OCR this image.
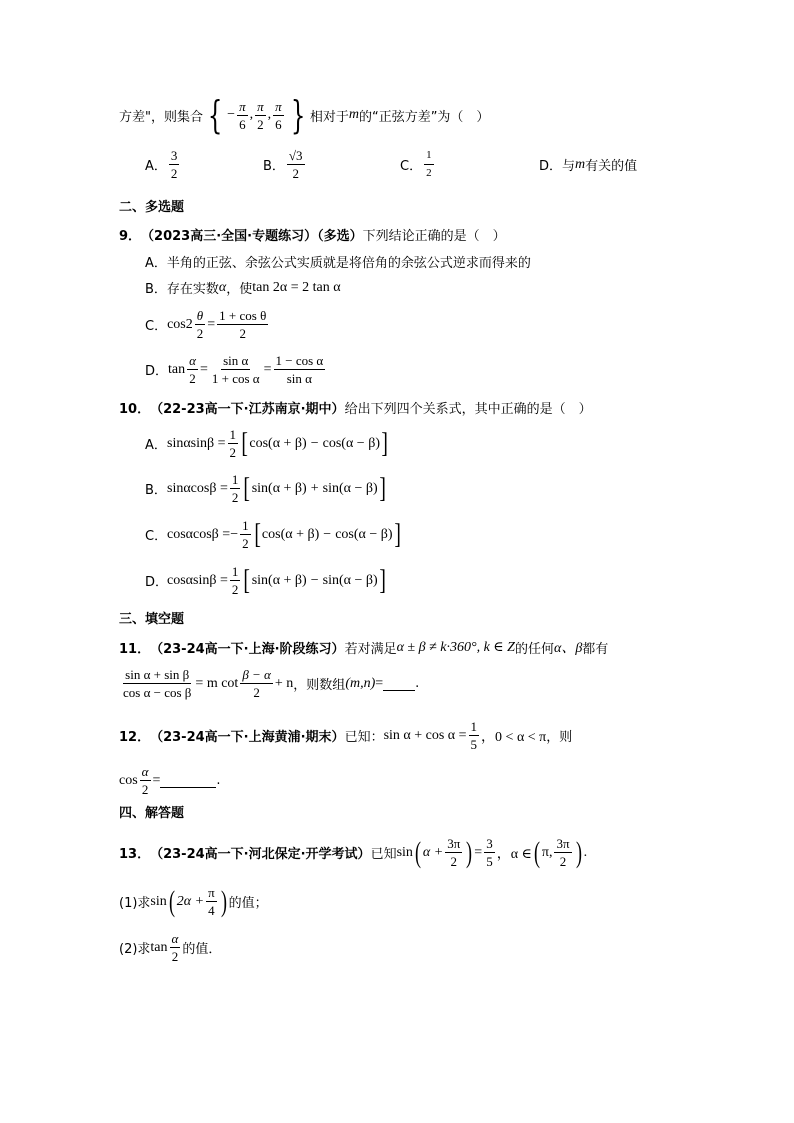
方差"，则集合 { − $\frac{\pi}{6}$ , $\frac{\pi}{2}$ , $\frac{\pi}{6}$ } 相对于 m 的“正弦方差”为（　）
A． $\frac{3}{2}$	B． $\frac{√3}{2}$	C． $\frac{1}{2}$	D． 与 m 有关的值
二、多选题
9． （2023高三·全国·专题练习）（多选） 下列结论正确的是（　）
A．半角的正弦、余弦公式实质就是将倍角的余弦公式逆求而得来的
B．存在实数 α ，使 tan 2α = 2 tan α
C． $\cos 2 \frac{\theta}{2} = \frac{\text{1 + cos θ}}{2}$
D． $\tan \frac{\alpha}{2} = \frac{\text{sin α}}{\text{1 + cos α}} = \frac{\text{1 − cos α}}{\text{sin α}}$
10． （22-23高一下·江苏南京·期中） 给出下列四个关系式，其中正确的是（　）
A． $\sin\alpha\sin\beta = \frac{1}{2}$ [ cos (α + β) − cos (α − β) ]
B． $\sin\alpha\cos\beta = \frac{1}{2}$ [ sin (α + β) + sin (α − β) ]
C． cosαcosβ = − $\frac{1}{2}$ [ cos (α + β) − cos (α − β) ]
D．
$\cos\alpha\sin\beta = \frac{1}{2}$ [ sin (α + β) − sin (α − β) ]
三、填空题
11． （23-24高一下·上海·阶段练习） 若对满足 α ± β ≠ k·360°, k ∈ Z 的任何 α、β 都有
$\frac{\text{sin α + sin β}}{\text{cos α − cos β}} = m$ $\cot \frac{\beta - \alpha}{2} + n$ ，则数组 (m,n) = .
12． （23-24高一下·上海黄浦·期末） 已知： $\sin \alpha + \cos \alpha = \frac{1}{5}$ ，0 < α < π ，则
$\cos \frac{\alpha}{2}$ =	.
四、解答题
13． （23-24高一下·河北保定·开学考试） 已知 sin ( $\alpha + \frac{3\pi}{2}$ ) = $\frac{3}{5}$ ，α ∈ ( π, $\frac{3\pi}{2}$ ) .
(1)求 sin ( $2\alpha + \frac{\pi}{4}$ ) 的值；
(2)求 $\tan \frac{\alpha}{2}$ 的值．
